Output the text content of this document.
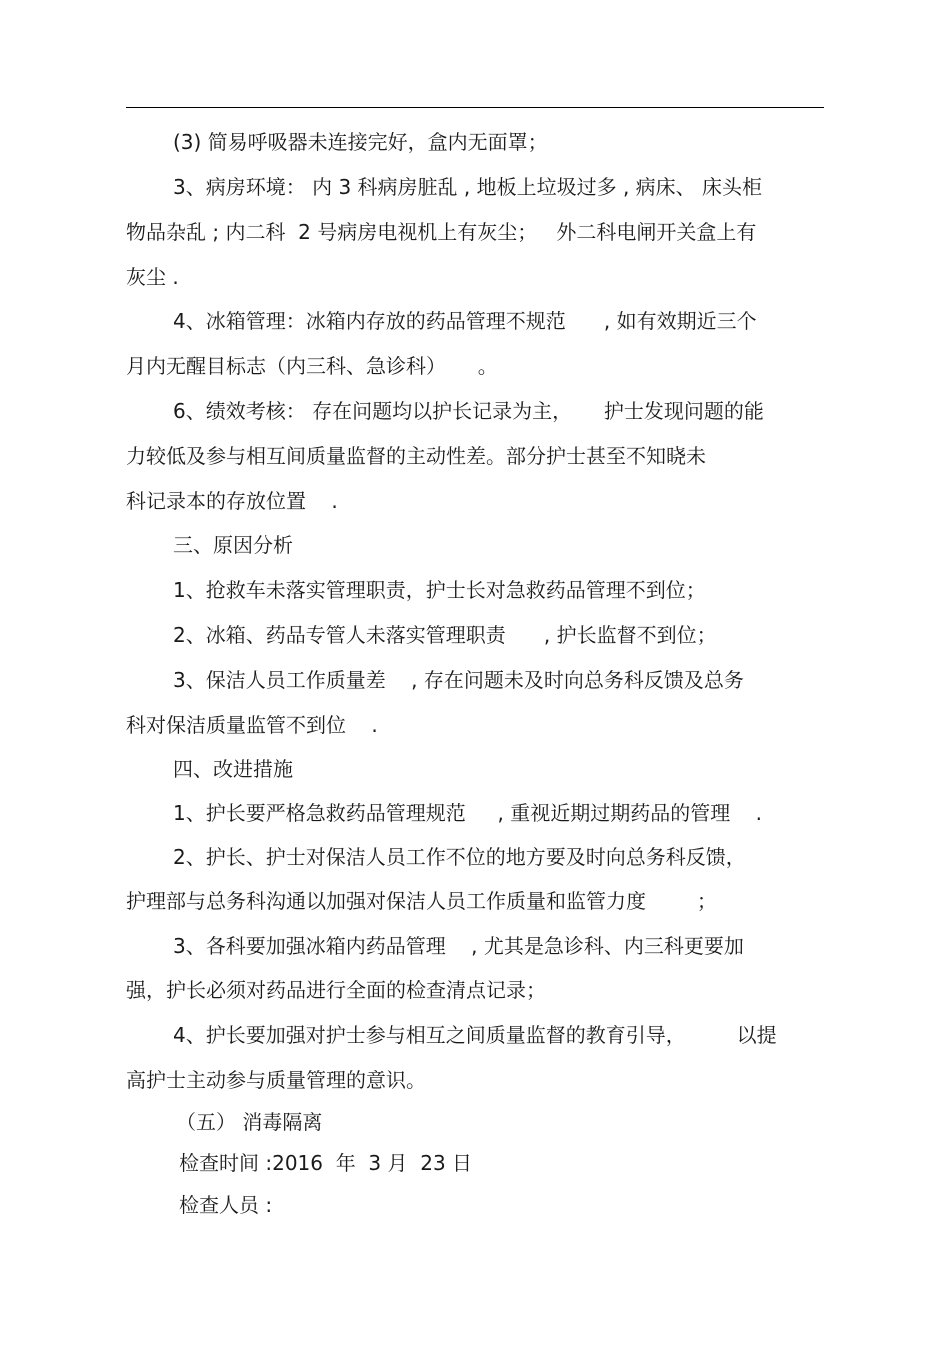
(3) 简易呼吸器未连接完好，盒内无面罩；
3、病房环境： 内 3 科病房脏乱 , 地板上垃圾过多 , 病床、 床头柜
物品杂乱 ; 内二科  2 号病房电视机上有灰尘；   外二科电闸开关盒上有
灰尘 .
4、冰箱管理：冰箱内存放的药品管理不规范      , 如有效期近三个
月内无醒目标志（内三科、急诊科）     。
6、绩效考核： 存在问题均以护长记录为主，     护士发现问题的能
力较低及参与相互间质量监督的主动性差。部分护士甚至不知晓未
科记录本的存放位置    .
三、原因分析
1、抢救车未落实管理职责，护士长对急救药品管理不到位；
2、冰箱、药品专管人未落实管理职责      , 护长监督不到位；
3、保洁人员工作质量差    , 存在问题未及时向总务科反馈及总务
科对保洁质量监管不到位    .
四、改进措施
1、护长要严格急救药品管理规范     , 重视近期过期药品的管理    .
2、护长、护士对保洁人员工作不位的地方要及时向总务科反馈，
护理部与总务科沟通以加强对保洁人员工作质量和监管力度        ；
3、各科要加强冰箱内药品管理    , 尤其是急诊科、内三科更要加
强，护长必须对药品进行全面的检查清点记录；
4、护长要加强对护士参与相互之间质量监督的教育引导，        以提
高护士主动参与质量管理的意识。
（五） 消毒隔离
检查时间 :2016  年  3 月  23 日
检查人员 :
